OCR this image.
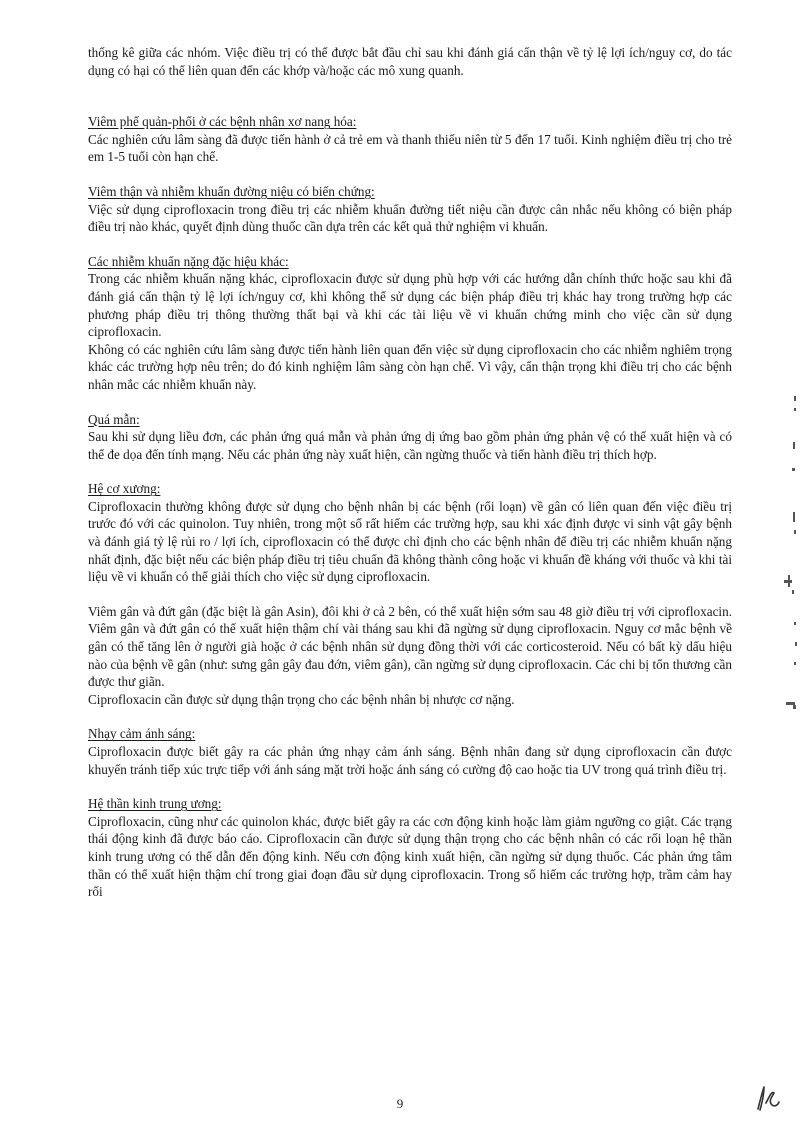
thống kê giữa các nhóm. Việc điều trị có thể được bắt đầu chỉ sau khi đánh giá cẩn thận về tỷ lệ lợi ích/nguy cơ, do tác dụng có hại có thể liên quan đến các khớp và/hoặc các mô xung quanh.

Viêm phế quản-phổi ở các bệnh nhân xơ nang hóa:

Các nghiên cứu lâm sàng đã được tiến hành ở cả trẻ em và thanh thiếu niên từ 5 đến 17 tuổi. Kinh nghiệm điều trị cho trẻ em 1-5 tuổi còn hạn chế.

Viêm thận và nhiễm khuẩn đường niệu có biến chứng:

Việc sử dụng ciprofloxacin trong điều trị các nhiễm khuẩn đường tiết niệu cần được cân nhắc nếu không có biện pháp điều trị nào khác, quyết định dùng thuốc cần dựa trên các kết quả thử nghiệm vi khuẩn.

Các nhiễm khuẩn nặng đặc hiệu khác:

Trong các nhiễm khuẩn nặng khác, ciprofloxacin được sử dụng phù hợp với các hướng dẫn chính thức hoặc sau khi đã đánh giá cẩn thận tỷ lệ lợi ích/nguy cơ, khi không thể sử dụng các biện pháp điều trị khác hay trong trường hợp các phương pháp điều trị thông thường thất bại và khi các tài liệu về vi khuẩn chứng minh cho việc cần sử dụng ciprofloxacin.

Không có các nghiên cứu lâm sàng được tiến hành liên quan đến việc sử dụng ciprofloxacin cho các nhiễm nghiêm trọng khác các trường hợp nêu trên; do đó kinh nghiệm lâm sàng còn hạn chế. Vì vậy, cẩn thận trọng khi điều trị cho các bệnh nhân mắc các nhiễm khuẩn này.

Quá mẫn:

Sau khi sử dụng liều đơn, các phản ứng quá mẫn và phản ứng dị ứng bao gồm phản ứng phản vệ có thể xuất hiện và có thể đe dọa đến tính mạng. Nếu các phản ứng này xuất hiện, cần ngừng thuốc và tiến hành điều trị thích hợp.

Hệ cơ xương:

Ciprofloxacin thường không được sử dụng cho bệnh nhân bị các bệnh (rối loạn) về gân có liên quan đến việc điều trị trước đó với các quinolon. Tuy nhiên, trong một số rất hiếm các trường hợp, sau khi xác định được vi sinh vật gây bệnh và đánh giá tỷ lệ rủi ro / lợi ích, ciprofloxacin có thể được chỉ định cho các bệnh nhân để điều trị các nhiễm khuẩn nặng nhất định, đặc biệt nếu các biện pháp điều trị tiêu chuẩn đã không thành công hoặc vi khuẩn đề kháng với thuốc và khi tài liệu về vi khuẩn có thể giải thích cho việc sử dụng ciprofloxacin.

Viêm gân và đứt gân (đặc biệt là gân Asin), đôi khi ở cả 2 bên, có thể xuất hiện sớm sau 48 giờ điều trị với ciprofloxacin. Viêm gân và đứt gân có thể xuất hiện thậm chí vài tháng sau khi đã ngừng sử dụng ciprofloxacin. Nguy cơ mắc bệnh về gân có thể tăng lên ở người già hoặc ở các bệnh nhân sử dụng đồng thời với các corticosteroid. Nếu có bất kỳ dấu hiệu nào của bệnh về gân (như: sưng gân gây đau đớn, viêm gân), cần ngừng sử dụng ciprofloxacin. Các chi bị tổn thương cần được thư giãn.

Ciprofloxacin cần được sử dụng thận trọng cho các bệnh nhân bị nhược cơ nặng.

Nhạy cảm ánh sáng:

Ciprofloxacin được biết gây ra các phản ứng nhạy cảm ánh sáng. Bệnh nhân đang sử dụng ciprofloxacin cần được khuyến tránh tiếp xúc trực tiếp với ánh sáng mặt trời hoặc ánh sáng có cường độ cao hoặc tia UV trong quá trình điều trị.

Hệ thần kinh trung ương:

Ciprofloxacin, cũng như các quinolon khác, được biết gây ra các cơn động kinh hoặc làm giảm ngưỡng co giật. Các trạng thái động kinh đã được báo cáo. Ciprofloxacin cần được sử dụng thận trọng cho các bệnh nhân có các rối loạn hệ thần kinh trung ương có thể dẫn đến động kinh. Nếu cơn động kinh xuất hiện, cần ngừng sử dụng thuốc. Các phản ứng tâm thần có thể xuất hiện thậm chí trong giai đoạn đầu sử dụng ciprofloxacin. Trong số hiếm các trường hợp, trầm cảm hay rối

9
